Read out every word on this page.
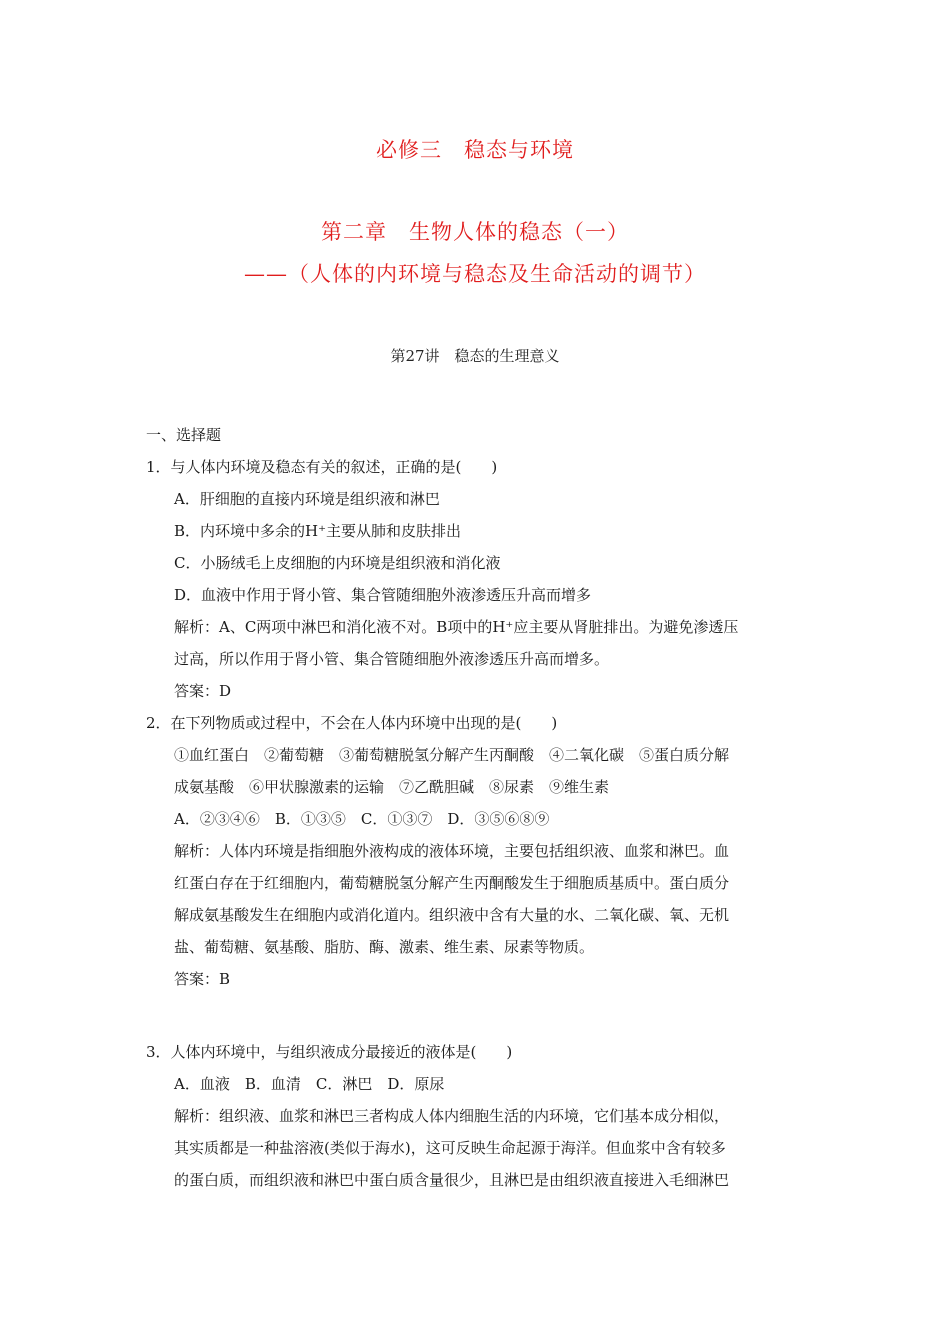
必修三　稳态与环境
第二章　生物人体的稳态（一）
——（人体的内环境与稳态及生命活动的调节）
第27讲　稳态的生理意义
一、选择题
1．与人体内环境及稳态有关的叙述，正确的是(　　)
A．肝细胞的直接内环境是组织液和淋巴
B．内环境中多余的H⁺主要从肺和皮肤排出
C．小肠绒毛上皮细胞的内环境是组织液和消化液
D．血液中作用于肾小管、集合管随细胞外液渗透压升高而增多
解析：A、C两项中淋巴和消化液不对。B项中的H⁺应主要从肾脏排出。为避免渗透压
过高，所以作用于肾小管、集合管随细胞外液渗透压升高而增多。
答案：D
2．在下列物质或过程中，不会在人体内环境中出现的是(　　)
①血红蛋白　②葡萄糖　③葡萄糖脱氢分解产生丙酮酸　④二氧化碳　⑤蛋白质分解
成氨基酸　⑥甲状腺激素的运输　⑦乙酰胆碱　⑧尿素　⑨维生素
A．②③④⑥　B．①③⑤　C．①③⑦　D．③⑤⑥⑧⑨
解析：人体内环境是指细胞外液构成的液体环境，主要包括组织液、血浆和淋巴。血
红蛋白存在于红细胞内，葡萄糖脱氢分解产生丙酮酸发生于细胞质基质中。蛋白质分
解成氨基酸发生在细胞内或消化道内。组织液中含有大量的水、二氧化碳、氧、无机
盐、葡萄糖、氨基酸、脂肪、酶、激素、维生素、尿素等物质。
答案：B
3．人体内环境中，与组织液成分最接近的液体是(　　)
A．血液　B．血清　C．淋巴　D．原尿
解析：组织液、血浆和淋巴三者构成人体内细胞生活的内环境，它们基本成分相似，
其实质都是一种盐溶液(类似于海水)，这可反映生命起源于海洋。但血浆中含有较多
的蛋白质，而组织液和淋巴中蛋白质含量很少，且淋巴是由组织液直接进入毛细淋巴
